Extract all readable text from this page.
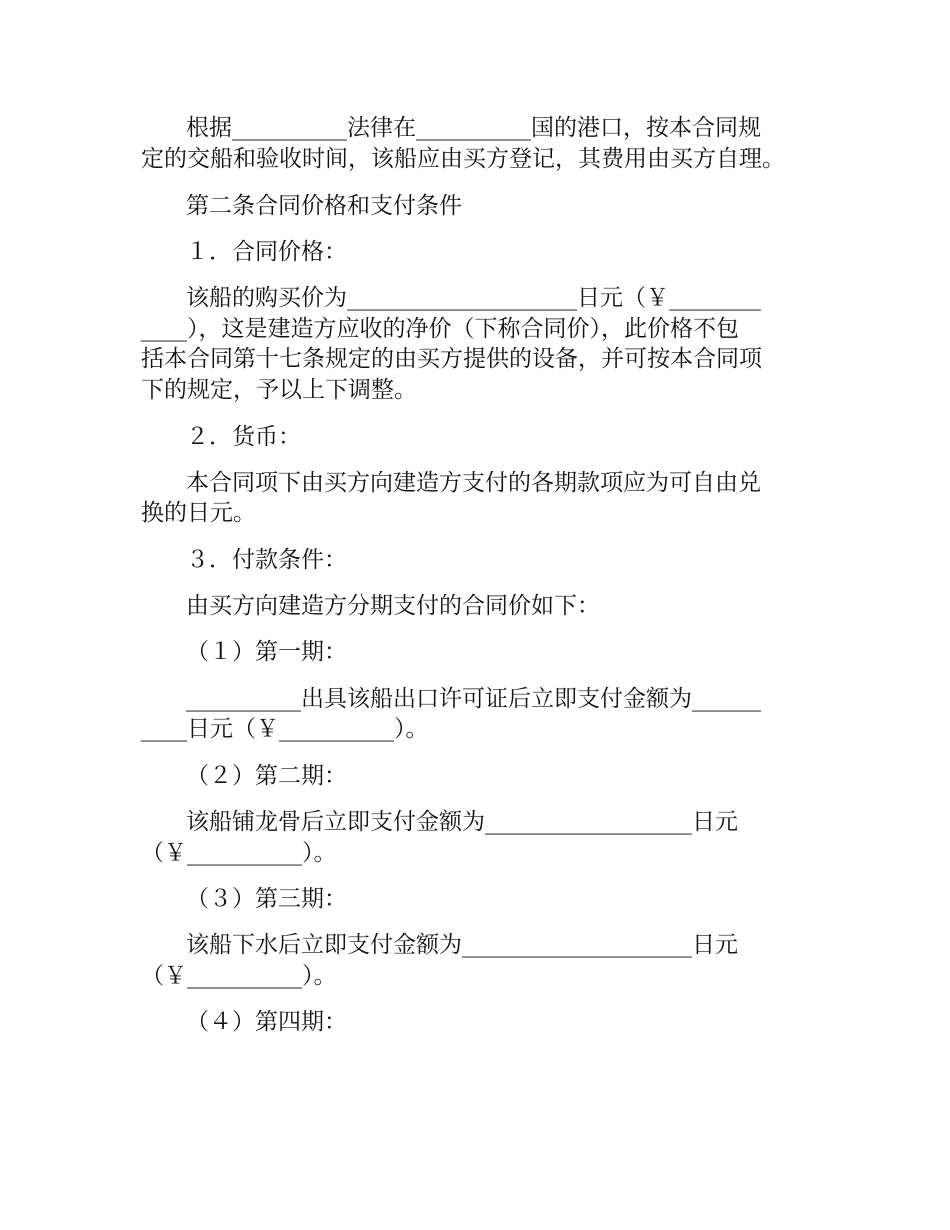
根据__________法律在__________国的港口，按本合同规

定的交船和验收时间，该船应由买方登记，其费用由买方自理。

第二条合同价格和支付条件

１．合同价格：

该船的购买价为____________________日元（￥________

____），这是建造方应收的净价（下称合同价），此价格不包

括本合同第十七条规定的由买方提供的设备，并可按本合同项

下的规定，予以上下调整。

２．货币：

本合同项下由买方向建造方支付的各期款项应为可自由兑

换的日元。

３．付款条件：

由买方向建造方分期支付的合同价如下：

（１）第一期：

__________出具该船出口许可证后立即支付金额为______

____日元（￥__________）。

（２）第二期：

该船铺龙骨后立即支付金额为__________________日元

（￥__________）。

（３）第三期：

该船下水后立即支付金额为____________________日元

（￥__________）。

（４）第四期：
